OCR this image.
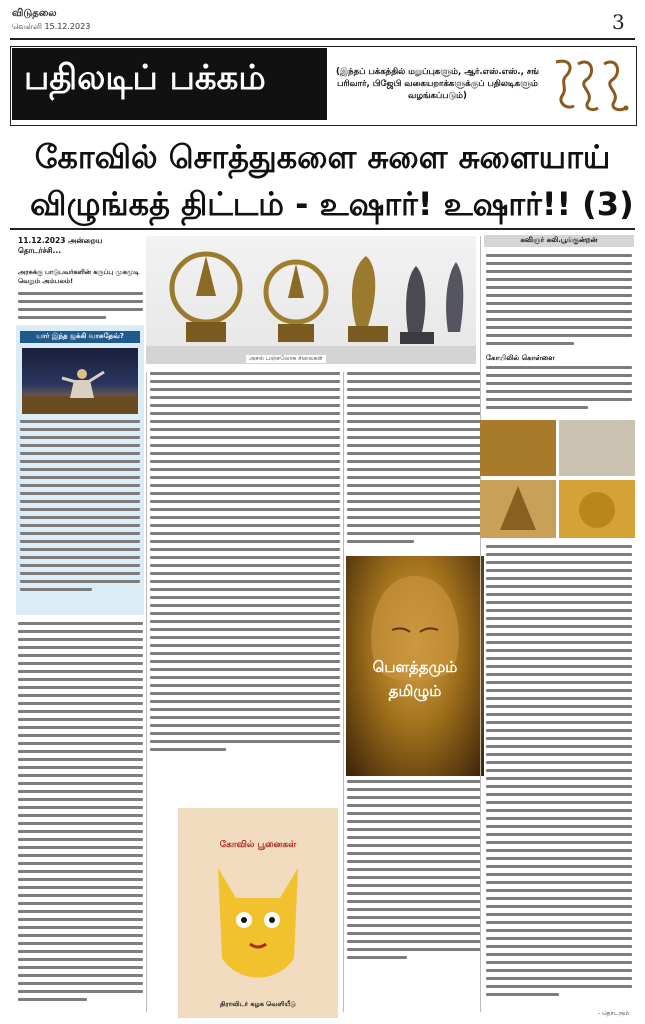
விடுதலை
வெள்ளி 15.12.2023	3
பதிலடிப் பக்கம்	(இந்தப் பக்கத்தில் மறுப்புகளும், ஆர்.எஸ்.எஸ்., சங் பரிவார், பிஜேபி வகையறாக்களுக்குப் பதிலடிகளும் வழங்கப்படும்)
கோவில் சொத்துகளை சுளை சுளையாய்
விழுங்கத் திட்டம் - உஷார்! உஷார்!! (3)
11.12.2023 அன்றைய தொடர்ச்சி...
அரசுக்கு பாடுபவர்களின் கருப்பு முகமூடி வெறும் அம்பலம்!
யார் இந்த ஜக்கி வாசுதேவ்?
அசல் பஞ்சலோக சிலைகள்
கோவில் பூனைகள்
திராவிடர் கழக வெளியீடு
பௌத்தமும்
தமிழும்
கவிஞர் கலி.பூங்குன்றன்
கோயிலில் கொள்ளை
- தொடரும்
